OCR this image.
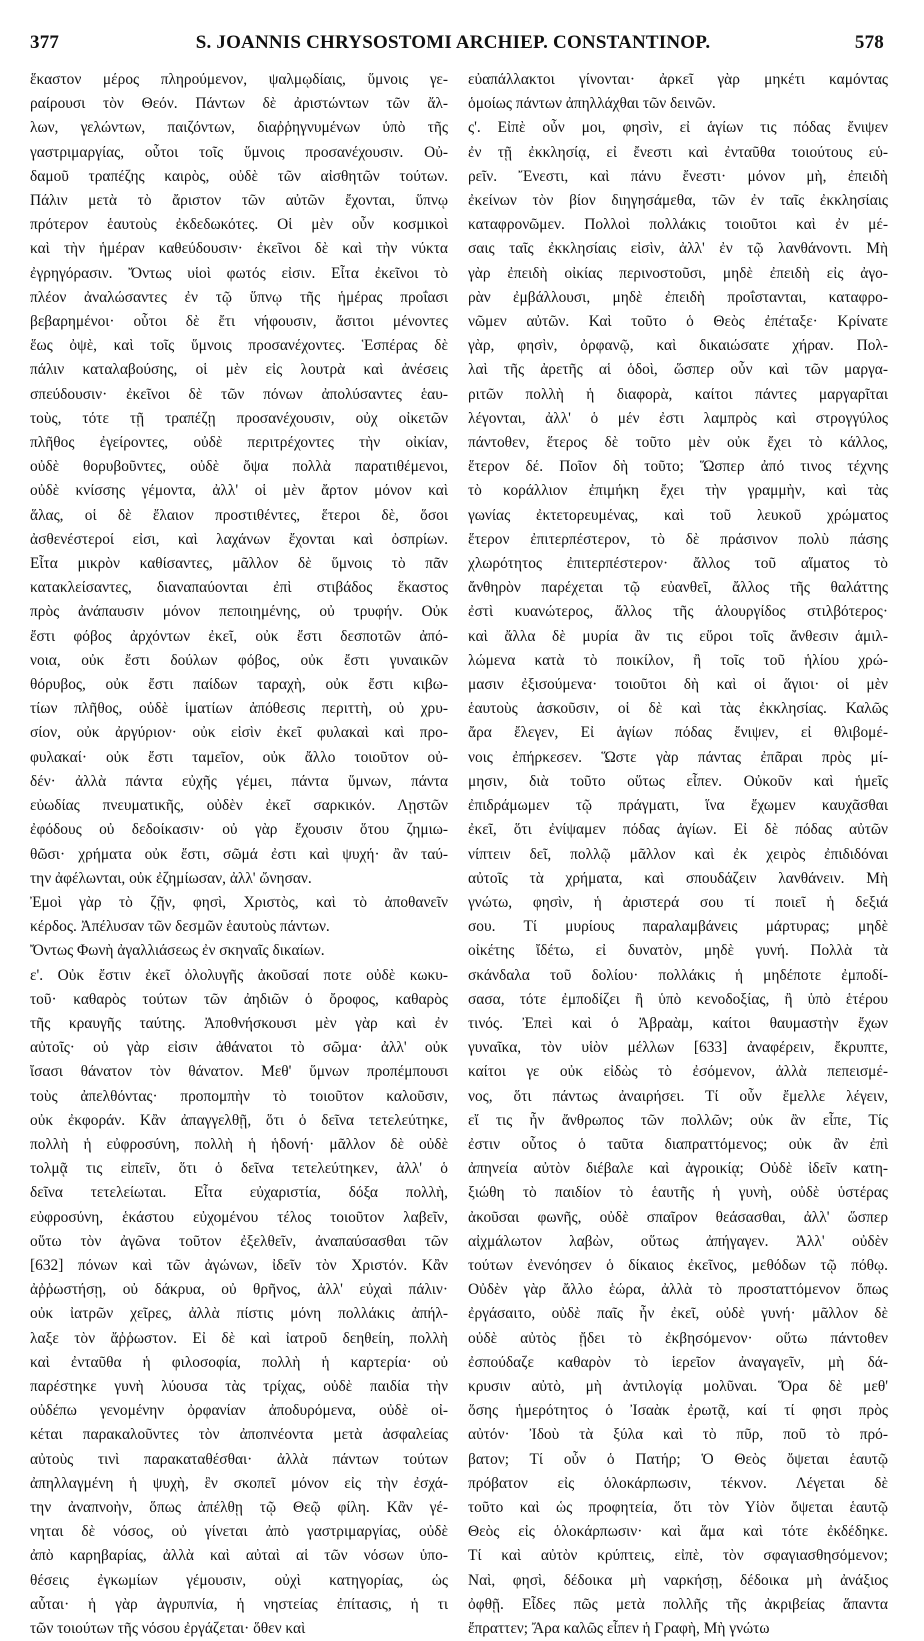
377	S. JOANNIS CHRYSOSTOMI ARCHIEP. CONSTANTINOP.	578
ἕκαστον μέρος πληρούμενον, ψαλμῳδίαις, ὕμνοις γε-
ραίρουσι τὸν Θεόν. Πάντων δὲ ἀριστώντων τῶν ἄλ-
λων, γελώντων, παιζόντων, διαῤῥηγνυμένων ὑπὸ τῆς
γαστριμαργίας, οὗτοι τοῖς ὕμνοις προσανέχουσιν. Οὐ-
δαμοῦ τραπέζης καιρὸς, οὐδὲ τῶν αἰσθητῶν τούτων.
Πάλιν μετὰ τὸ ἄριστον τῶν αὐτῶν ἔχονται, ὕπνῳ
πρότερον ἑαυτοὺς ἐκδεδωκότες. Οἱ μὲν οὖν κοσμικοὶ
καὶ τὴν ἡμέραν καθεύδουσιν· ἐκεῖνοι δὲ καὶ τὴν νύκτα
ἐγρηγόρασιν. Ὄντως υἱοὶ φωτός εἰσιν. Εἶτα ἐκεῖνοι τὸ
πλέον ἀναλώσαντες ἐν τῷ ὕπνῳ τῆς ἡμέρας προΐασι
βεβαρημένοι· οὗτοι δὲ ἔτι νήφουσιν, ἄσιτοι μένοντες
ἕως ὀψὲ, καὶ τοῖς ὕμνοις προσανέχοντες. Ἑσπέρας δὲ
πάλιν καταλαβούσης, οἱ μὲν εἰς λουτρὰ καὶ ἀνέσεις
σπεύδουσιν· ἐκεῖνοι δὲ τῶν πόνων ἀπολύσαντες ἑαυ-
τοὺς, τότε τῇ τραπέζῃ προσανέχουσιν, οὐχ οἰκετῶν
πλῆθος ἐγείροντες, οὐδὲ περιτρέχοντες τὴν οἰκίαν,
οὐδὲ θορυβοῦντες, οὐδὲ ὄψα πολλὰ παρατιθέμενοι,
οὐδὲ κνίσσης γέμοντα, ἀλλ' οἱ μὲν ἄρτον μόνον καὶ
ἅλας, οἱ δὲ ἔλαιον προστιθέντες, ἕτεροι δὲ, ὅσοι
ἀσθενέστεροί εἰσι, καὶ λαχάνων ἔχονται καὶ ὀσπρίων.
Εἶτα μικρὸν καθίσαντες, μᾶλλον δὲ ὕμνοις τὸ πᾶν
κατακλείσαντες, διαναπαύονται ἐπὶ στιβάδος ἕκαστος
πρὸς ἀνάπαυσιν μόνον πεποιημένης, οὐ τρυφήν. Οὐκ
ἔστι φόβος ἀρχόντων ἐκεῖ, οὐκ ἔστι δεσποτῶν ἀπό-
νοια, οὐκ ἔστι δούλων φόβος, οὐκ ἔστι γυναικῶν
θόρυβος, οὐκ ἔστι παίδων ταραχὴ, οὐκ ἔστι κιβω-
τίων πλῆθος, οὐδὲ ἱματίων ἀπόθεσις περιττὴ, οὐ χρυ-
σίον, οὐκ ἀργύριον· οὐκ εἰσὶν ἐκεῖ φυλακαὶ καὶ προ-
φυλακαί· οὐκ ἔστι ταμεῖον, οὐκ ἄλλο τοιοῦτον οὐ-
δέν· ἀλλὰ πάντα εὐχῆς γέμει, πάντα ὕμνων, πάντα
εὐωδίας πνευματικῆς, οὐδὲν ἐκεῖ σαρκικόν. Λῃστῶν
ἐφόδους οὐ δεδοίκασιν· οὐ γὰρ ἔχουσιν ὅτου ζημιω-
θῶσι· χρήματα οὐκ ἔστι, σῶμά ἐστι καὶ ψυχή· ἂν ταύ-
την ἀφέλωνται, οὐκ ἐζημίωσαν, ἀλλ' ὤνησαν.
Ἐμοὶ γὰρ τὸ ζῇν, φησὶ, Χριστὸς, καὶ τὸ ἀποθανεῖν
κέρδος. Ἀπέλυσαν τῶν δεσμῶν ἑαυτοὺς πάντων.
Ὄντως Φωνὴ ἀγαλλιάσεως ἐν σκηναῖς δικαίων.
ε'. Οὐκ ἔστιν ἐκεῖ ὀλολυγῆς ἀκοῦσαί ποτε οὐδὲ κωκυ-
τοῦ· καθαρὸς τούτων τῶν ἀηδιῶν ὁ ὄροφος, καθαρὸς
τῆς κραυγῆς ταύτης. Ἀποθνήσκουσι μὲν γὰρ καὶ ἐν
αὐτοῖς· οὐ γὰρ εἰσιν ἀθάνατοι τὸ σῶμα· ἀλλ' οὐκ
ἴσασι θάνατον τὸν θάνατον. Μεθ' ὕμνων προπέμπουσι
τοὺς ἀπελθόντας· προπομπὴν τὸ τοιοῦτον καλοῦσιν,
οὐκ ἐκφοράν. Κἂν ἀπαγγελθῇ, ὅτι ὁ δεῖνα τετελεύτηκε,
πολλὴ ἡ εὐφροσύνη, πολλὴ ἡ ἡδονή· μᾶλλον δὲ οὐδὲ
τολμᾷ τις εἰπεῖν, ὅτι ὁ δεῖνα τετελεύτηκεν, ἀλλ' ὁ
δεῖνα τετελείωται. Εἶτα εὐχαριστία, δόξα πολλὴ,
εὐφροσύνη, ἑκάστου εὐχομένου τέλος τοιοῦτον λαβεῖν,
οὕτω τὸν ἀγῶνα τοῦτον ἐξελθεῖν, ἀναπαύσασθαι τῶν
[632] πόνων καὶ τῶν ἀγώνων, ἰδεῖν τὸν Χριστόν. Κἂν
ἀῤῥωστήσῃ, οὐ δάκρυα, οὐ θρῆνος, ἀλλ' εὐχαὶ πάλιν·
οὐκ ἰατρῶν χεῖρες, ἀλλὰ πίστις μόνη πολλάκις ἀπήλ-
λαξε τὸν ἄῤῥωστον. Εἰ δὲ καὶ ἰατροῦ δεηθείη, πολλὴ
καὶ ἐνταῦθα ἡ φιλοσοφία, πολλὴ ἡ καρτερία· οὐ
παρέστηκε γυνὴ λύουσα τὰς τρίχας, οὐδὲ παιδία τὴν
οὐδέπω γενομένην ὀρφανίαν ἀποδυρόμενα, οὐδὲ οἰ-
κέται παρακαλοῦντες τὸν ἀποπνέοντα μετὰ ἀσφαλείας
αὐτοὺς τινὶ παρακαταθέσθαι· ἀλλὰ πάντων τούτων
ἀπηλλαγμένη ἡ ψυχὴ, ἓν σκοπεῖ μόνον εἰς τὴν ἐσχά-
την ἀναπνοὴν, ὅπως ἀπέλθῃ τῷ Θεῷ φίλη. Κἂν γέ-
νηται δὲ νόσος, οὐ γίνεται ἀπὸ γαστριμαργίας, οὐδὲ
ἀπὸ καρηβαρίας, ἀλλὰ καὶ αὐταὶ αἱ τῶν νόσων ὑπο-
θέσεις ἐγκωμίων γέμουσιν, οὐχὶ κατηγορίας, ὡς
αὗται· ἡ γὰρ ἀγρυπνία, ἡ νηστείας ἐπίτασις, ἡ τι
τῶν τοιούτων τῆς νόσου ἐργάζεται· ὅθεν καὶ
εὐαπάλλακτοι γίνονται· ἀρκεῖ γὰρ μηκέτι καμόντας
ὁμοίως πάντων ἀπηλλάχθαι τῶν δεινῶν.
ς'. Εἰπὲ οὖν μοι, φησὶν, εἰ ἁγίων τις πόδας ἔνιψεν
ἐν τῇ ἐκκλησίᾳ, εἰ ἔνεστι καὶ ἐνταῦθα τοιούτους εὑ-
ρεῖν. Ἔνεστι, καὶ πάνυ ἔνεστι· μόνον μὴ, ἐπειδὴ
ἐκείνων τὸν βίον διηγησάμεθα, τῶν ἐν ταῖς ἐκκλησίαις
καταφρονῶμεν. Πολλοὶ πολλάκις τοιοῦτοι καὶ ἐν μέ-
σαις ταῖς ἐκκλησίαις εἰσὶν, ἀλλ' ἐν τῷ λανθάνοντι. Μὴ
γὰρ ἐπειδὴ οἰκίας περινοστοῦσι, μηδὲ ἐπειδὴ εἰς ἀγο-
ρὰν ἐμβάλλουσι, μηδὲ ἐπειδὴ προΐστανται, καταφρο-
νῶμεν αὐτῶν. Καὶ τοῦτο ὁ Θεὸς ἐπέταξε· Κρίνατε
γὰρ, φησὶν, ὀρφανῷ, καὶ δικαιώσατε χήραν. Πολ-
λαὶ τῆς ἀρετῆς αἱ ὁδοὶ, ὥσπερ οὖν καὶ τῶν μαργα-
ριτῶν πολλὴ ἡ διαφορὰ, καίτοι πάντες μαργαρῖται
λέγονται, ἀλλ' ὁ μέν ἐστι λαμπρὸς καὶ στρογγύλος
πάντοθεν, ἕτερος δὲ τοῦτο μὲν οὐκ ἔχει τὸ κάλλος,
ἕτερον δέ. Ποῖον δὴ τοῦτο; Ὥσπερ ἀπό τινος τέχνης
τὸ κοράλλιον ἐπιμήκη ἔχει τὴν γραμμὴν, καὶ τὰς
γωνίας ἐκτετορευμένας, καὶ τοῦ λευκοῦ χρώματος
ἕτερον ἐπιτερπέστερον, τὸ δὲ πράσινον πολὺ πάσης
χλωρότητος ἐπιτερπέστερον· ἄλλος τοῦ αἵματος τὸ
ἄνθηρὸν παρέχεται τῷ εὐανθεῖ, ἄλλος τῆς θαλάττης
ἐστὶ κυανώτερος, ἄλλος τῆς ἁλουργίδος στιλβότερος·
καὶ ἄλλα δὲ μυρία ἂν τις εὕροι τοῖς ἄνθεσιν ἁμιλ-
λώμενα κατὰ τὸ ποικίλον, ἢ τοῖς τοῦ ἡλίου χρώ-
μασιν ἐξισούμενα· τοιοῦτοι δὴ καὶ οἱ ἅγιοι· οἱ μὲν
ἑαυτοὺς ἀσκοῦσιν, οἱ δὲ καὶ τὰς ἐκκλησίας. Καλῶς
ἄρα ἔλεγεν, Εἰ ἁγίων πόδας ἔνιψεν, εἰ θλιβομέ-
νοις ἐπήρκεσεν. Ὥστε γὰρ πάντας ἐπᾶραι πρὸς μί-
μησιν, διὰ τοῦτο οὕτως εἶπεν. Οὐκοῦν καὶ ἡμεῖς
ἐπιδράμωμεν τῷ πράγματι, ἵνα ἔχωμεν καυχᾶσθαι
ἐκεῖ, ὅτι ἐνίψαμεν πόδας ἁγίων. Εἰ δὲ πόδας αὐτῶν
νίπτειν δεῖ, πολλῷ μᾶλλον καὶ ἐκ χειρὸς ἐπιδιδόναι
αὐτοῖς τὰ χρήματα, καὶ σπουδάζειν λανθάνειν. Μὴ
γνώτω, φησὶν, ἡ ἀριστερά σου τί ποιεῖ ἡ δεξιά
σου. Τί μυρίους παραλαμβάνεις μάρτυρας; μηδὲ
οἰκέτης ἴδέτω, εἰ δυνατὸν, μηδὲ γυνή. Πολλὰ τὰ
σκάνδαλα τοῦ δολίου· πολλάκις ἡ μηδέποτε ἐμποδί-
σασα, τότε ἐμποδίζει ἢ ὑπὸ κενοδοξίας, ἢ ὑπὸ ἑτέρου
τινός. Ἐπεὶ καὶ ὁ Ἀβραὰμ, καίτοι θαυμαστὴν ἔχων
γυναῖκα, τὸν υἱὸν μέλλων [633] ἀναφέρειν, ἔκρυπτε,
καίτοι γε οὐκ εἰδὼς τὸ ἐσόμενον, ἀλλὰ πεπεισμέ-
νος, ὅτι πάντως ἀναιρήσει. Τί οὖν ἔμελλε λέγειν,
εἴ τις ἦν ἄνθρωπος τῶν πολλῶν; οὐκ ἂν εἶπε, Τίς
ἐστιν οὗτος ὁ ταῦτα διαπραττόμενος; οὐκ ἂν ἐπὶ
ἀπηνεία αὐτὸν διέβαλε καὶ ἀγροικίᾳ; Οὐδὲ ἰδεῖν κατη-
ξιώθη τὸ παιδίον τὸ ἑαυτῆς ἡ γυνὴ, οὐδὲ ὑστέρας
ἀκοῦσαι φωνῆς, οὐδὲ σπαῖρον θεάσασθαι, ἀλλ' ὥσπερ
αἰχμάλωτον λαβὼν, οὕτως ἀπήγαγεν. Ἀλλ' οὐδὲν
τούτων ἐνενόησεν ὁ δίκαιος ἐκεῖνος, μεθόδων τῷ πόθῳ.
Οὐδὲν γὰρ ἄλλο ἑώρα, ἀλλὰ τὸ προσταττόμενον ὅπως
ἐργάσαιτο, οὐδὲ παῖς ἦν ἐκεῖ, οὐδὲ γυνή· μᾶλλον δὲ
οὐδὲ αὐτὸς ᾔδει τὸ ἐκβησόμενον· οὕτω πάντοθεν
ἐσπούδαζε καθαρὸν τὸ ἱερεῖον ἀναγαγεῖν, μὴ δά-
κρυσιν αὐτὸ, μὴ ἀντιλογίᾳ μολῦναι. Ὅρα δὲ μεθ'
ὅσης ἡμερότητος ὁ Ἰσαὰκ ἐρωτᾷ, καί τί φησι πρὸς
αὐτόν· Ἰδοὺ τὰ ξύλα καὶ τὸ πῦρ, ποῦ τὸ πρό-
βατον; Τί οὖν ὁ Πατήρ; Ὁ Θεὸς ὄψεται ἑαυτῷ
πρόβατον εἰς ὁλοκάρπωσιν, τέκνον. Λέγεται δὲ
τοῦτο καὶ ὡς προφητεία, ὅτι τὸν Υἱὸν ὄψεται ἑαυτῷ
Θεὸς εἰς ὁλοκάρπωσιν· καὶ ἅμα καὶ τότε ἐκδέδηκε.
Τί καὶ αὐτὸν κρύπτεις, εἰπὲ, τὸν σφαγιασθησόμενον;
Ναὶ, φησὶ, δέδοικα μὴ ναρκήσῃ, δέδοικα μὴ ἀνάξιος
ὀφθῇ. Εἶδες πῶς μετὰ πολλῆς τῆς ἀκριβείας ἅπαντα
ἔπραττεν; Ἄρα καλῶς εἶπεν ἡ Γραφὴ, Μὴ γνώτω
